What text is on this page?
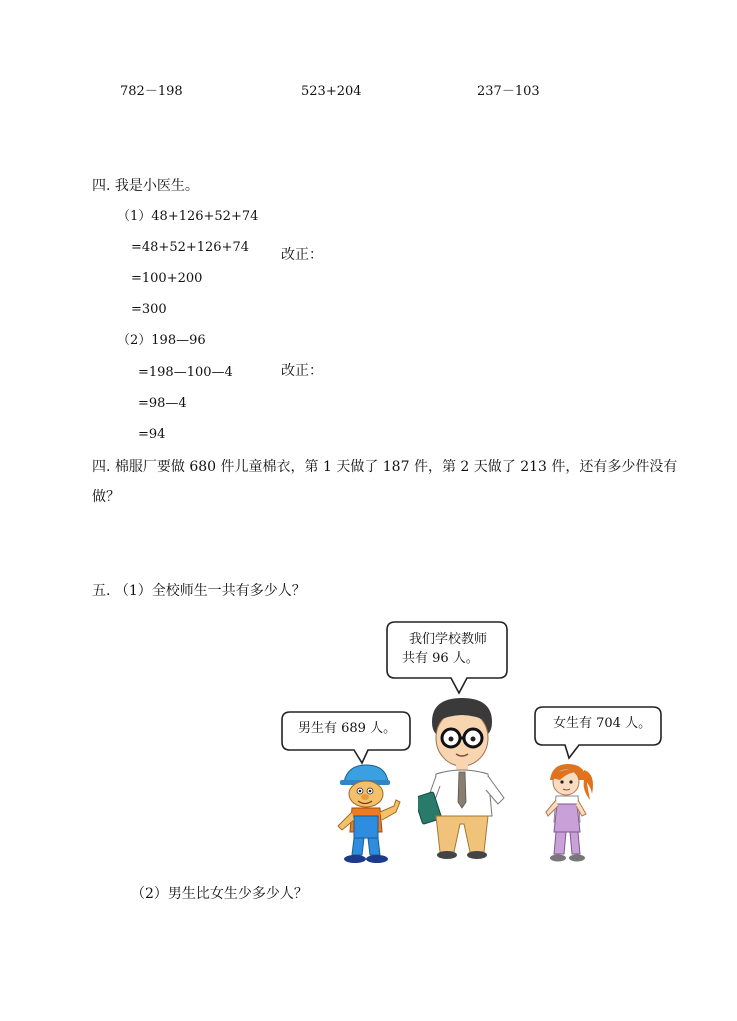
782－198	523+204	237－103
四. 我是小医生。
（1）48+126+52+74
=48+52+126+74
=100+200
=300
改正：
（2）198—96
=198—100—4
=98—4
=94
改正：
四. 棉服厂要做 680 件儿童棉衣，第 1 天做了 187 件，第 2 天做了 213 件，还有多少件没有
做？
五. （1）全校师生一共有多少人？
我们学校教师
共有 96 人。
男生有 689 人。	女生有 704 人。
（2）男生比女生少多少人？
